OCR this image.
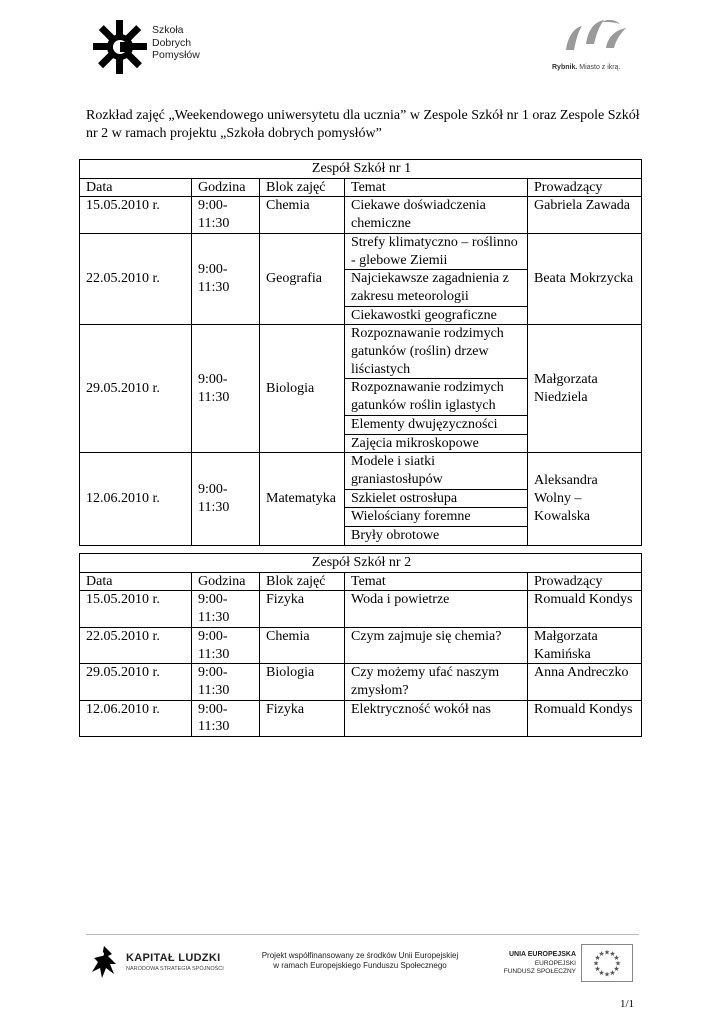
Szkoła
Dobrych
Pomysłów
Rybnik. Miasto z ikrą.
Rozkład zajęć „Weekendowego uniwersytetu dla ucznia” w Zespole Szkół nr 1 oraz Zespole Szkół nr 2 w ramach projektu „Szkoła dobrych pomysłów”
Zespół Szkół nr 1				
Data	Godzina	Blok zajęć	Temat	Prowadzący
15.05.2010 r.	9:00-11:30	Chemia	Ciekawe doświadczenia chemiczne	Gabriela Zawada
22.05.2010 r.	9:00-11:30	Geografia	Strefy klimatyczno – roślinno - glebowe Ziemii	Beata Mokrzycka
			Najciekawsze zagadnienia z zakresu meteorologii	
			Ciekawostki geograficzne	
29.05.2010 r.	9:00-11:30	Biologia	Rozpoznawanie rodzimych gatunków (roślin) drzew liściastych	Małgorzata Niedziela
			Rozpoznawanie rodzimych gatunków roślin iglastych	
			Elementy dwujęzyczności	
			Zajęcia mikroskopowe	
12.06.2010 r.	9:00-11:30	Matematyka	Modele i siatki graniastosłupów	Aleksandra Wolny – Kowalska
			Szkielet ostrosłupa	
			Wielościany foremne	
			Bryły obrotowe	
Zespół Szkół nr 2				
Data	Godzina	Blok zajęć	Temat	Prowadzący
15.05.2010 r.	9:00-11:30	Fizyka	Woda i powietrze	Romuald Kondys
22.05.2010 r.	9:00-11:30	Chemia	Czym zajmuje się chemia?	Małgorzata Kamińska
29.05.2010 r.	9:00-11:30	Biologia	Czy możemy ufać naszym zmysłom?	Anna Andreczko
12.06.2010 r.	9:00-11:30	Fizyka	Elektryczność wokół nas	Romuald Kondys
KAPITAŁ LUDZKI
NARODOWA STRATEGIA SPÓJNOŚCI
Projekt współfinansowany ze środków Unii Europejskiej
w ramach Europejskiego Funduszu Społecznego
UNIA EUROPEJSKA
EUROPEJSKI
FUNDUSZ SPOŁECZNY
★
★
★
★
★
★
★
★
★ ★ ★
★
1/1
